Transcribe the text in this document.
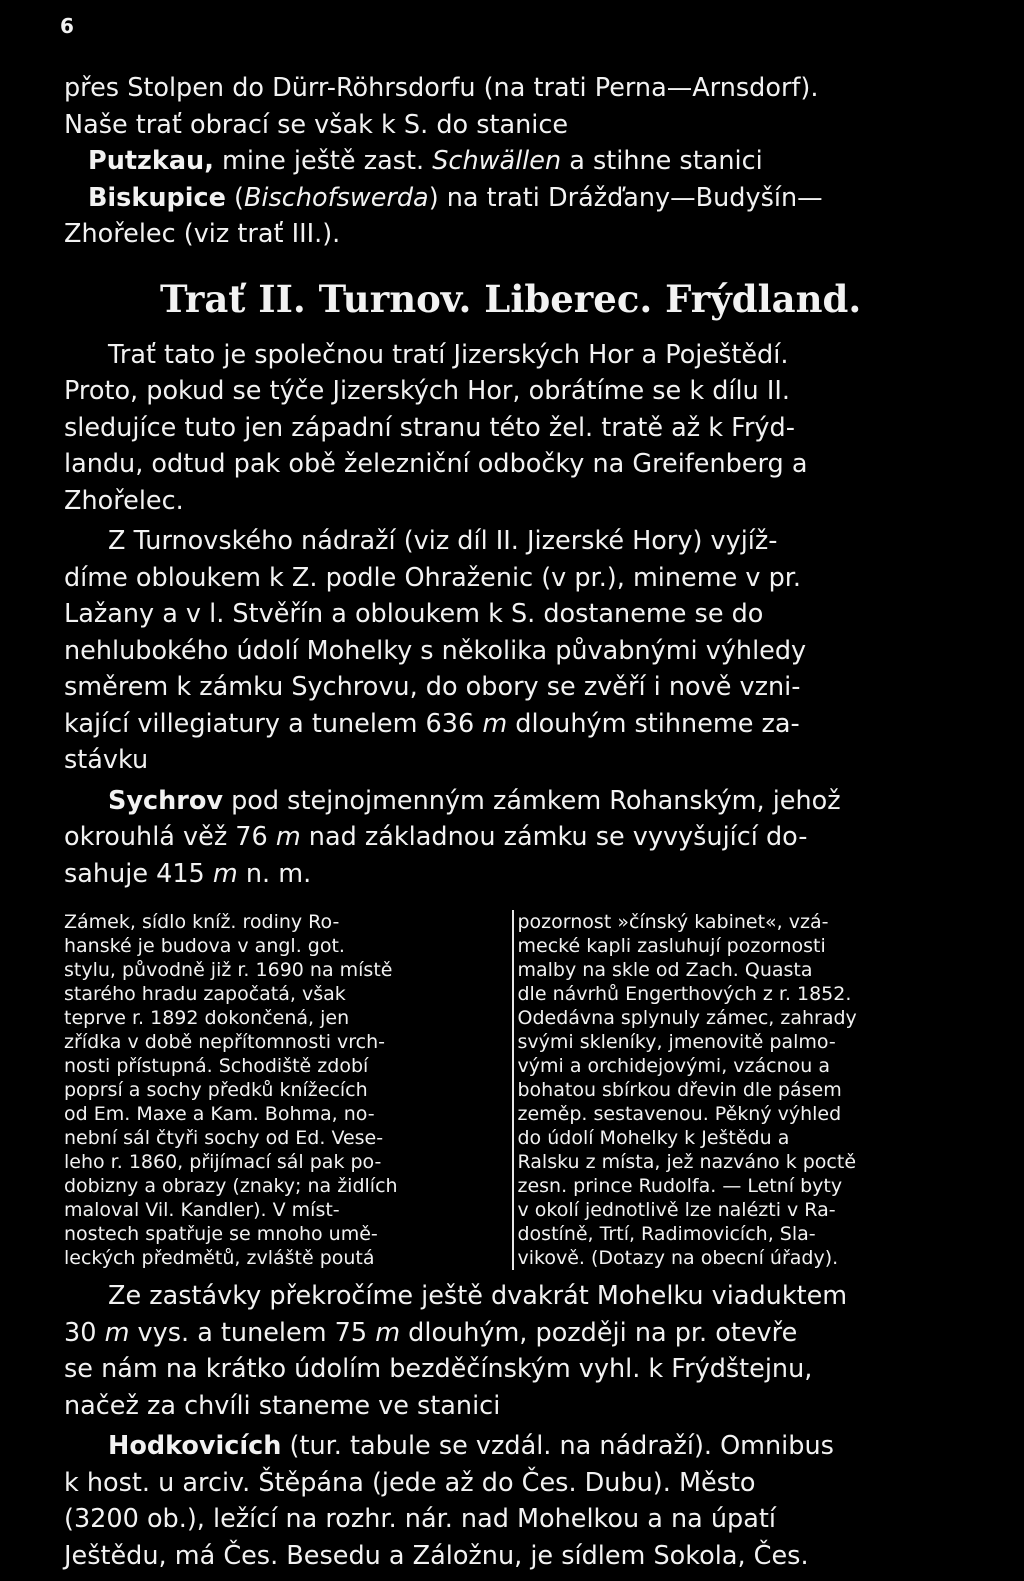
6

přes Stolpen do Dürr-Röhrsdorfu (na trati Perna—Arnsdorf).
Naše trať obrací se však k S. do stanice
Putzkau, mine ještě zast. Schwällen a stihne stanici
Biskupice (Bischofswerda) na trati Drážďany—Budyšín—
Zhořelec (viz trať III.).

Trať II. Turnov. Liberec. Frýdland.

Trať tato je společnou tratí Jizerských Hor a Poještědí.
Proto, pokud se týče Jizerských Hor, obrátíme se k dílu II.
sledujíce tuto jen západní stranu této žel. tratě až k Frýd-
landu, odtud pak obě železniční odbočky na Greifenberg a
Zhořelec.

Z Turnovského nádraží (viz díl II. Jizerské Hory) vyjíž-
díme obloukem k Z. podle Ohraženic (v pr.), mineme v pr.
Lažany a v l. Stvěřín a obloukem k S. dostaneme se do
nehlubokého údolí Mohelky s několika půvabnými výhledy
směrem k zámku Sychrovu, do obory se zvěří i nově vzni-
kající villegiatury a tunelem 636 m dlouhým stihneme za-
stávku

Sychrov pod stejnojmenným zámkem Rohanským, jehož
okrouhlá věž 76 m nad základnou zámku se vyvyšující do-
sahuje 415 m n. m.

Zámek, sídlo kníž. rodiny Ro-
hanské je budova v angl. got.
stylu, původně již r. 1690 na místě
starého hradu započatá, však
teprve r. 1892 dokončená, jen
zřídka v době nepřítomnosti vrch-
nosti přístupná. Schodiště zdobí
poprsí a sochy předků knížecích
od Em. Maxe a Kam. Bohma, no-
nební sál čtyři sochy od Ed. Vese-
leho r. 1860, přijímací sál pak po-
dobizny a obrazy (znaky; na židlích
maloval Vil. Kandler). V míst-
nostech spatřuje se mnoho umě-
leckých předmětů, zvláště poutá
pozornost »čínský kabinet«, vzá-
mecké kapli zasluhují pozornosti
malby na skle od Zach. Quasta
dle návrhů Engerthových z r. 1852.
Odedávna splynuly zámec, zahrady
svými skleníky, jmenovitě palmo-
vými a orchidejovými, vzácnou a
bohatou sbírkou dřevin dle pásem
zeměp. sestavenou. Pěkný výhled
do údolí Mohelky k Ještědu a
Ralsku z místa, jež nazváno k poctě
zesn. prince Rudolfa. — Letní byty
v okolí jednotlivě lze nalézti v Ra-
dostíně, Trtí, Radimovicích, Sla-
vikově. (Dotazy na obecní úřady).

Ze zastávky překročíme ještě dvakrát Mohelku viaduktem
30 m vys. a tunelem 75 m dlouhým, později na pr. otevře
se nám na krátko údolím bezděčínským vyhl. k Frýdštejnu,
načež za chvíli staneme ve stanici

Hodkovicích (tur. tabule se vzdál. na nádraží). Omnibus
k host. u arciv. Štěpána (jede až do Čes. Dubu). Město
(3200 ob.), ležící na rozhr. nár. nad Mohelkou a na úpatí
Ještědu, má Čes. Besedu a Záložnu, je sídlem Sokola, Čes.
